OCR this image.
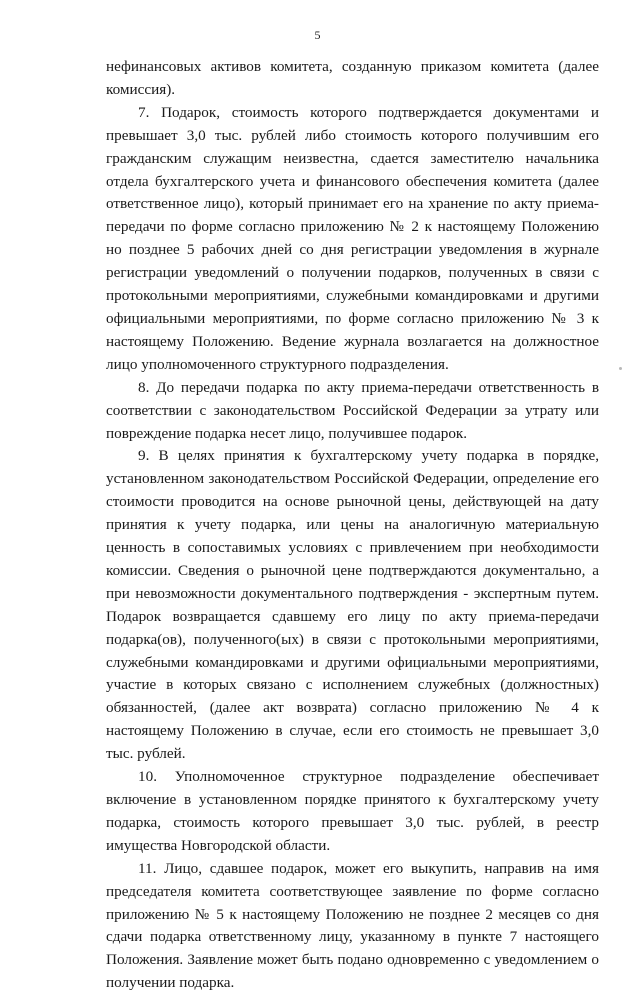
5

нефинансовых активов комитета, созданную приказом комитета (далее комиссия).

7. Подарок, стоимость которого подтверждается документами и превышает 3,0 тыс. рублей либо стоимость которого получившим его гражданским служащим неизвестна, сдается заместителю начальника отдела бухгалтерского учета и финансового обеспечения комитета (далее ответственное лицо), который принимает его на хранение по акту приема-передачи по форме согласно приложению № 2 к настоящему Положению но позднее 5 рабочих дней со дня регистрации уведомления в журнале регистрации уведомлений о получении подарков, полученных в связи с протокольными мероприятиями, служебными командировками и другими официальными мероприятиями, по форме согласно приложению № 3 к настоящему Положению. Ведение журнала возлагается на должностное лицо уполномоченного структурного подразделения.

8. До передачи подарка по акту приема-передачи ответственность в соответствии с законодательством Российской Федерации за утрату или повреждение подарка несет лицо, получившее подарок.

9. В целях принятия к бухгалтерскому учету подарка в порядке, установленном законодательством Российской Федерации, определение его стоимости проводится на основе рыночной цены, действующей на дату принятия к учету подарка, или цены на аналогичную материальную ценность в сопоставимых условиях с привлечением при необходимости комиссии. Сведения о рыночной цене подтверждаются документально, а при невозможности документального подтверждения - экспертным путем. Подарок возвращается сдавшему его лицу по акту приема-передачи подарка(ов), полученного(ых) в связи с протокольными мероприятиями, служебными командировками и другими официальными мероприятиями, участие в которых связано с исполнением служебных (должностных) обязанностей, (далее акт возврата) согласно приложению № 4 к настоящему Положению в случае, если его стоимость не превышает 3,0 тыс. рублей.

10. Уполномоченное структурное подразделение обеспечивает включение в установленном порядке принятого к бухгалтерскому учету подарка, стоимость которого превышает 3,0 тыс. рублей, в реестр имущества Новгородской области.

11. Лицо, сдавшее подарок, может его выкупить, направив на имя председателя комитета соответствующее заявление по форме согласно приложению № 5 к настоящему Положению не позднее 2 месяцев со дня сдачи подарка ответственному лицу, указанному в пункте 7 настоящего Положения. Заявление может быть подано одновременно с уведомлением о получении подарка.
